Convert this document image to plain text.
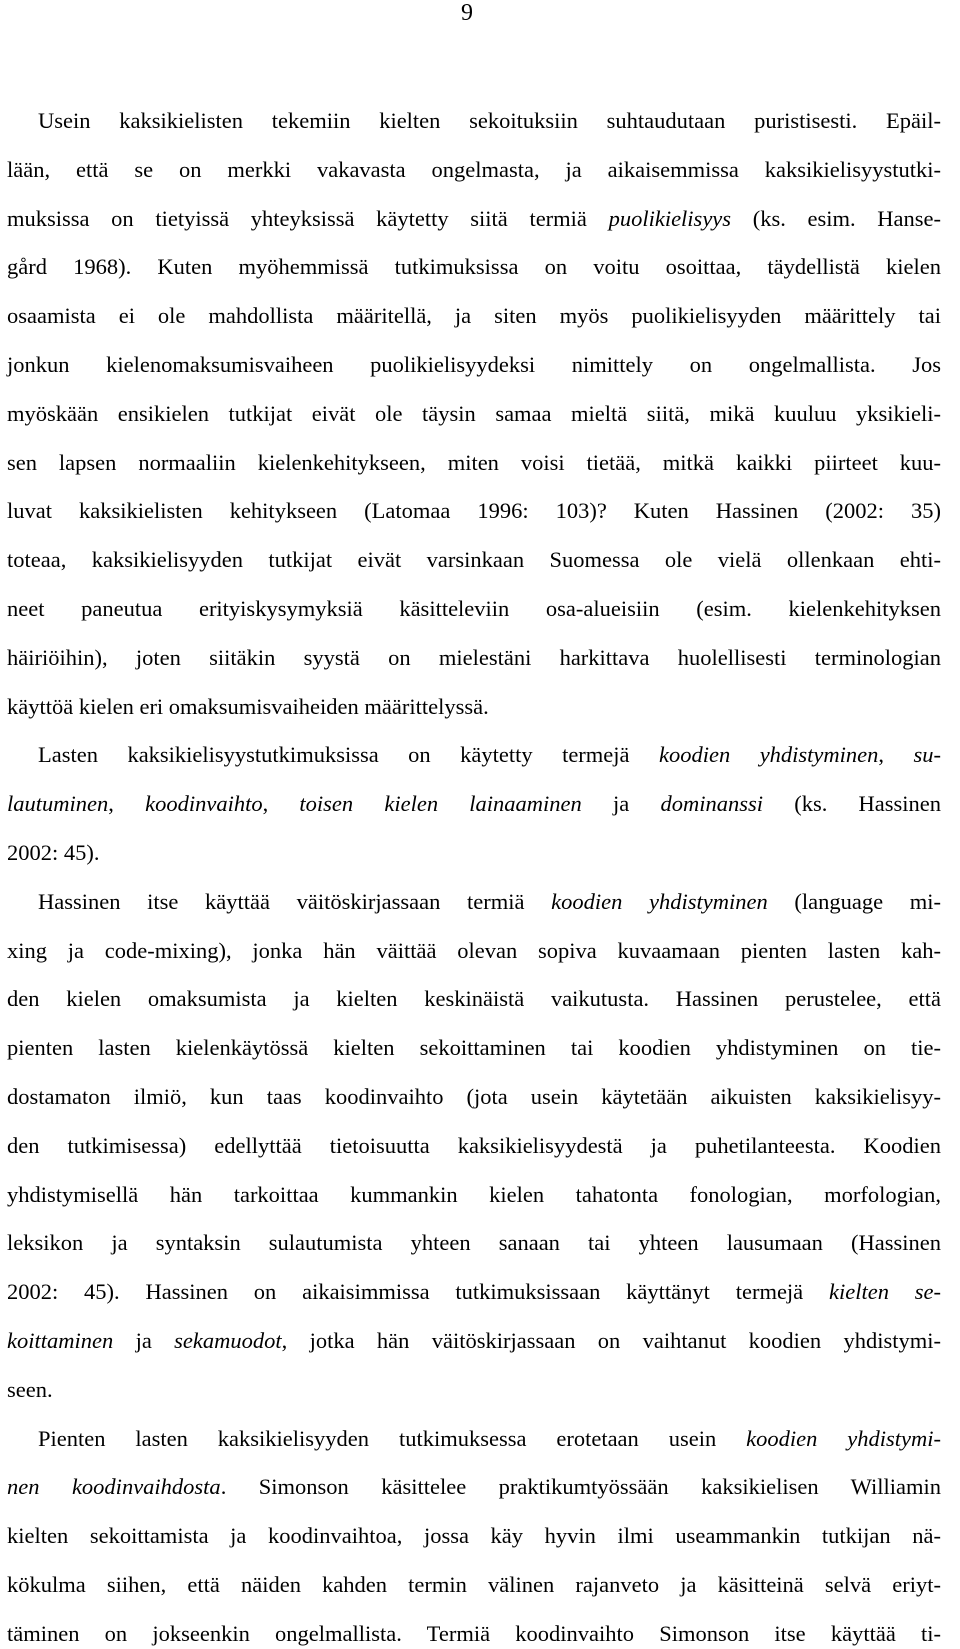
9
Usein kaksikielisten tekemiin kielten sekoituksiin suhtaudutaan puristisesti. Epäil-
lään, että se on merkki vakavasta ongelmasta, ja aikaisemmissa kaksikielisyystutki-
muksissa on tietyissä yhteyksissä käytetty siitä termiä puolikielisyys (ks. esim. Hanse-
gård 1968). Kuten myöhemmissä tutkimuksissa on voitu osoittaa, täydellistä kielen
osaamista ei ole mahdollista määritellä, ja siten myös puolikielisyyden määrittely tai
jonkun kielenomaksumisvaiheen puolikielisyydeksi nimittely on ongelmallista. Jos
myöskään ensikielen tutkijat eivät ole täysin samaa mieltä siitä, mikä kuuluu yksikieli-
sen lapsen normaaliin kielenkehitykseen, miten voisi tietää, mitkä kaikki piirteet kuu-
luvat kaksikielisten kehitykseen (Latomaa 1996: 103)? Kuten Hassinen (2002: 35)
toteaa, kaksikielisyyden tutkijat eivät varsinkaan Suomessa ole vielä ollenkaan ehti-
neet paneutua erityiskysymyksiä käsitteleviin osa-alueisiin (esim. kielenkehityksen
häiriöihin), joten siitäkin syystä on mielestäni harkittava huolellisesti terminologian
käyttöä kielen eri omaksumisvaiheiden määrittelyssä.
Lasten kaksikielisyystutkimuksissa on käytetty termejä koodien yhdistyminen, su-
lautuminen, koodinvaihto, toisen kielen lainaaminen ja dominanssi (ks. Hassinen
2002: 45).
Hassinen itse käyttää väitöskirjassaan termiä koodien yhdistyminen (language mi-
xing ja code-mixing), jonka hän väittää olevan sopiva kuvaamaan pienten lasten kah-
den kielen omaksumista ja kielten keskinäistä vaikutusta. Hassinen perustelee, että
pienten lasten kielenkäytössä kielten sekoittaminen tai koodien yhdistyminen on tie-
dostamaton ilmiö, kun taas koodinvaihto (jota usein käytetään aikuisten kaksikielisyy-
den tutkimisessa) edellyttää tietoisuutta kaksikielisyydestä ja puhetilanteesta. Koodien
yhdistymisellä hän tarkoittaa kummankin kielen tahatonta fonologian, morfologian,
leksikon ja syntaksin sulautumista yhteen sanaan tai yhteen lausumaan (Hassinen
2002: 45). Hassinen on aikaisimmissa tutkimuksissaan käyttänyt termejä kielten se-
koittaminen ja sekamuodot, jotka hän väitöskirjassaan on vaihtanut koodien yhdistymi-
seen.
Pienten lasten kaksikielisyyden tutkimuksessa erotetaan usein koodien yhdistymi-
nen koodinvaihdosta. Simonson käsittelee praktikumtyössään kaksikielisen Williamin
kielten sekoittamista ja koodinvaihtoa, jossa käy hyvin ilmi useammankin tutkijan nä-
kökulma siihen, että näiden kahden termin välinen rajanveto ja käsitteinä selvä eriyt-
täminen on jokseenkin ongelmallista. Termiä koodinvaihto Simonson itse käyttää ti-
